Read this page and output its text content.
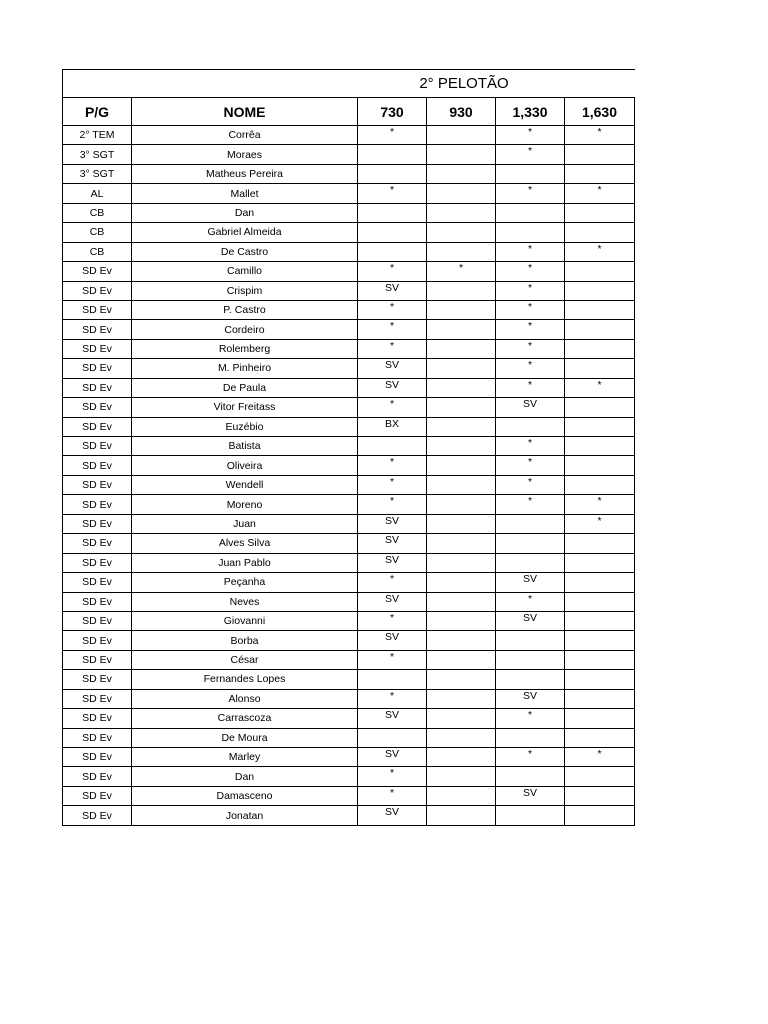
2° PELOTÃO
P/G	NOME	730	930	1,330	1,630
2° TEM	Corrêa	*		*	*
3° SGT	Moraes			*	
3° SGT	Matheus Pereira				
AL	Mallet	*		*	*
CB	Dan				
CB	Gabriel Almeida				
CB	De Castro			*	*
SD Ev	Camillo	*	*	*	
SD Ev	Crispim	SV		*	
SD Ev	P. Castro	*		*	
SD Ev	Cordeiro	*		*	
SD Ev	Rolemberg	*		*	
SD Ev	M. Pinheiro	SV		*	
SD Ev	De Paula	SV		*	*
SD Ev	Vitor Freitass	*		SV	
SD Ev	Euzébio	BX			
SD Ev	Batista			*	
SD Ev	Oliveira	*		*	
SD Ev	Wendell	*		*	
SD Ev	Moreno	*		*	*
SD Ev	Juan	SV			*
SD Ev	Alves Silva	SV			
SD Ev	Juan Pablo	SV			
SD Ev	Peçanha	*		SV	
SD Ev	Neves	SV		*	
SD Ev	Giovanni	*		SV	
SD Ev	Borba	SV			
SD Ev	César	*			
SD Ev	Fernandes Lopes				
SD Ev	Alonso	*		SV	
SD Ev	Carrascoza	SV		*	
SD Ev	De Moura				
SD Ev	Marley	SV		*	*
SD Ev	Dan	*			
SD Ev	Damasceno	*		SV	
SD Ev	Jonatan	SV			
